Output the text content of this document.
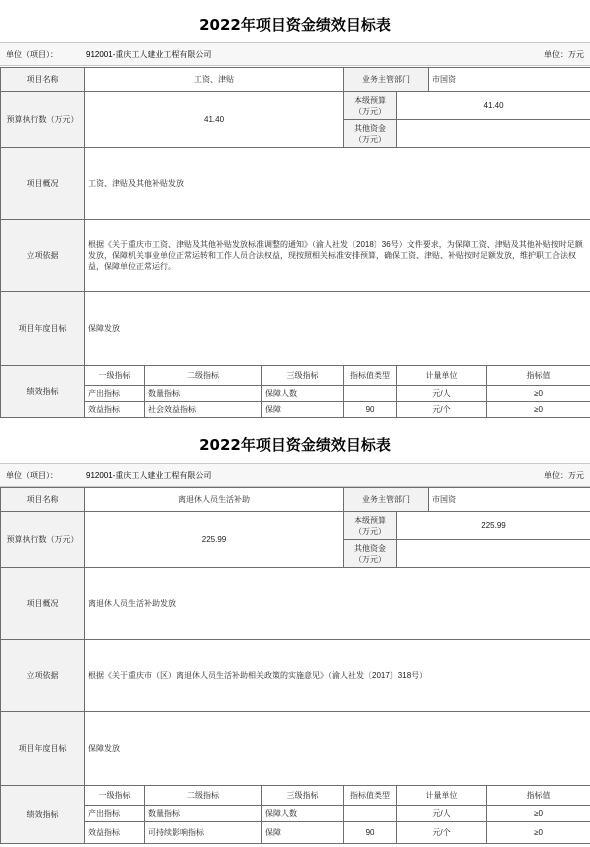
2022年项目资金绩效目标表
单位（项目）：	912001-重庆工人建业工程有限公司	单位：万元
项目名称	工资、津贴			业务主管部门		市国资	
预算执行数（万元）	41.40			本级预算（万元）	41.40		
				其他资金（万元）			
项目概况	工资、津贴及其他补贴发放						
立项依据	根据《关于重庆市工资、津贴及其他补贴发放标准调整的通知》（渝人社发〔2018〕36号）文件要求，为保障工资、津贴及其他补贴按时足额发放，保障机关事业单位正常运转和工作人员合法权益，现按照相关标准安排预算，确保工资、津贴、补贴按时足额发放，维护职工合法权益，保障单位正常运行。						
项目年度目标	保障发放						
绩效指标	一级指标	二级指标	三级指标	指标值类型	计量单位		指标值
	产出指标	数量指标	保障人数		元/人		≥0
	效益指标	社会效益指标	保障	90	元/个		≥0
2022年项目资金绩效目标表
单位（项目）：	912001-重庆工人建业工程有限公司	单位：万元
项目名称	离退休人员生活补助			业务主管部门		市国资	
预算执行数（万元）	225.99			本级预算（万元）	225.99		
				其他资金（万元）			
项目概况	离退休人员生活补助发放						
立项依据	根据《关于重庆市（区）离退休人员生活补助相关政策的实施意见》（渝人社发〔2017〕318号）						
项目年度目标	保障发放						
绩效指标	一级指标	二级指标	三级指标	指标值类型	计量单位		指标值
	产出指标	数量指标	保障人数		元/人		≥0
	效益指标	可持续影响指标	保障	90	元/个		≥0
